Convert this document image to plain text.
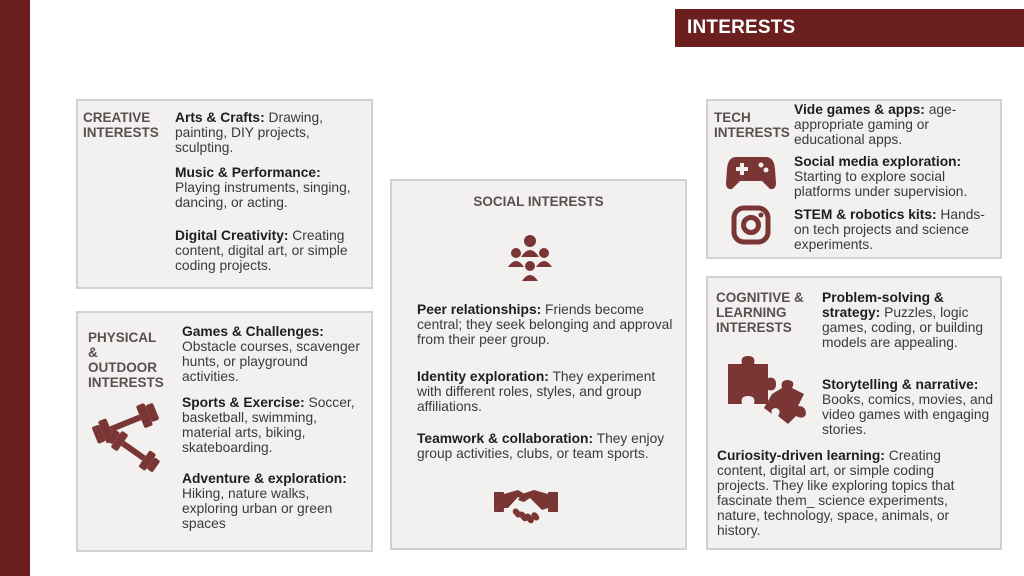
INTERESTS
CREATIVE
INTERESTS
Arts & Crafts: Drawing, painting, DIY projects, sculpting.
Music & Performance: Playing instruments, singing, dancing, or acting.
Digital Creativity: Creating content, digital art, or simple coding projects.
PHYSICAL
&
OUTDOOR
INTERESTS
Games & Challenges: Obstacle courses, scavenger hunts, or playground activities.
Sports & Exercise: Soccer, basketball, swimming, material arts, biking, skateboarding.
Adventure & exploration: Hiking, nature walks, exploring urban or green spaces
SOCIAL INTERESTS
Peer relationships: Friends become central; they seek belonging and approval from their peer group.
Identity exploration: They experiment with different roles, styles, and group affiliations.
Teamwork & collaboration: They enjoy group activities, clubs, or team sports.
TECH
INTERESTS
Vide games & apps: age-appropriate gaming or educational apps.
Social media exploration: Starting to explore social platforms under supervision.
STEM & robotics kits: Hands-on tech projects and science experiments.
COGNITIVE &
LEARNING
INTERESTS
Problem-solving & strategy: Puzzles, logic games, coding, or building models are appealing.
Storytelling & narrative: Books, comics, movies, and video games with engaging stories.
Curiosity-driven learning: Creating content, digital art, or simple coding projects. They like exploring topics that fascinate them_ science experiments, nature, technology, space, animals, or history.
